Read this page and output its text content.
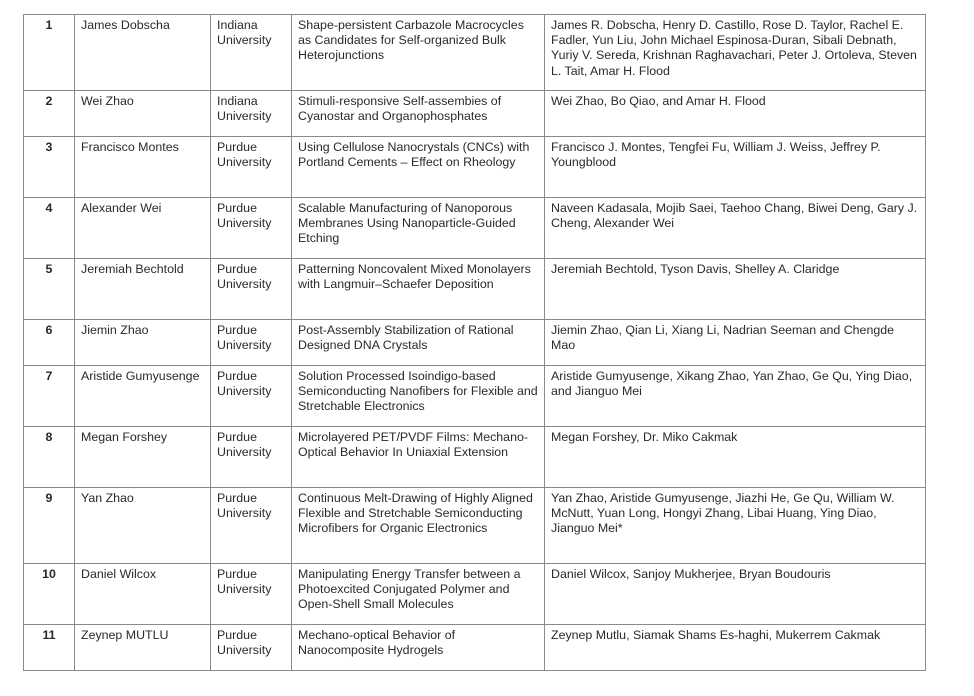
1	James Dobscha	Indiana University	Shape-persistent Carbazole Macrocycles as Candidates for Self-organized Bulk Heterojunctions	James R. Dobscha, Henry D. Castillo, Rose D. Taylor, Rachel E. Fadler, Yun Liu, John Michael Espinosa-Duran, Sibali Debnath, Yuriy V. Sereda, Krishnan Raghavachari, Peter J. Ortoleva, Steven L. Tait, Amar H. Flood
2	Wei Zhao	Indiana University	Stimuli-responsive Self-assembies of Cyanostar and Organophosphates	Wei Zhao, Bo Qiao, and Amar H. Flood
3	Francisco Montes	Purdue University	Using Cellulose Nanocrystals (CNCs) with Portland Cements – Effect on Rheology	Francisco J. Montes, Tengfei Fu, William J. Weiss, Jeffrey P. Youngblood
4	Alexander Wei	Purdue University	Scalable Manufacturing of Nanoporous Membranes Using Nanoparticle-Guided Etching	Naveen Kadasala, Mojib Saei, Taehoo Chang, Biwei Deng, Gary J. Cheng, Alexander Wei
5	Jeremiah Bechtold	Purdue University	Patterning Noncovalent Mixed Monolayers with Langmuir–Schaefer Deposition	Jeremiah Bechtold, Tyson Davis, Shelley A. Claridge
6	Jiemin Zhao	Purdue University	Post-Assembly Stabilization of Rational Designed DNA Crystals	Jiemin Zhao, Qian Li, Xiang Li, Nadrian Seeman and Chengde Mao
7	Aristide Gumyusenge	Purdue University	Solution Processed Isoindigo-based Semiconducting Nanofibers for Flexible and Stretchable Electronics	Aristide Gumyusenge, Xikang Zhao, Yan Zhao, Ge Qu, Ying Diao, and Jianguo Mei
8	Megan Forshey	Purdue University	Microlayered PET/PVDF Films: Mechano-Optical Behavior In Uniaxial Extension	Megan Forshey, Dr. Miko Cakmak
9	Yan Zhao	Purdue University	Continuous Melt-Drawing of Highly Aligned Flexible and Stretchable Semiconducting Microfibers for Organic Electronics	Yan Zhao, Aristide Gumyusenge, Jiazhi He, Ge Qu, William W. McNutt, Yuan Long, Hongyi Zhang, Libai Huang, Ying Diao, Jianguo Mei*
10	Daniel Wilcox	Purdue University	Manipulating Energy Transfer between a Photoexcited Conjugated Polymer and Open-Shell Small Molecules	Daniel Wilcox, Sanjoy Mukherjee, Bryan Boudouris
11	Zeynep MUTLU	Purdue University	Mechano-optical Behavior of Nanocomposite Hydrogels	Zeynep Mutlu, Siamak Shams Es-haghi, Mukerrem Cakmak
